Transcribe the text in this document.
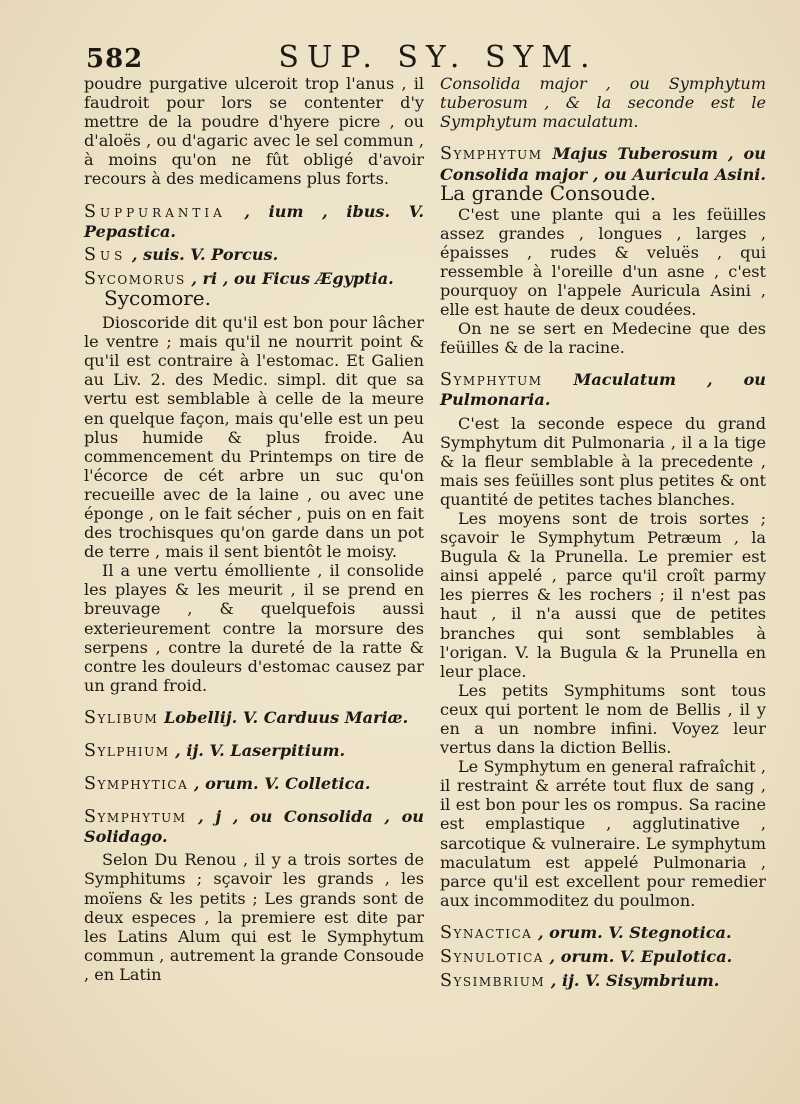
582	SUP. SY. SYM.

poudre purgative ulceroit trop l'anus , il faudroit pour lors se contenter d'y mettre de la poudre d'hyere picre , ou d'aloës , ou d'agaric avec le sel commun , à moins qu'on ne fût obligé d'avoir recours à des medicamens plus forts.

Suppurantia , ium , ibus. V. Pepastica.

Sus , suis. V. Porcus.

Sycomorus , ri , ou Ficus Ægyptia.
Sycomore.

Dioscoride dit qu'il est bon pour lâcher le ventre ; mais qu'il ne nourrit point & qu'il est contraire à l'estomac. Et Galien au Liv. 2. des Medic. simpl. dit que sa vertu est semblable à celle de la meure en quelque façon, mais qu'elle est un peu plus humide & plus froide. Au commencement du Printemps on tire de l'écorce de cét arbre un suc qu'on recueille avec de la laine , ou avec une éponge , on le fait sécher , puis on en fait des trochisques qu'on garde dans un pot de terre , mais il sent bientôt le moisy.

Il a une vertu émolliente , il consolide les playes & les meurit , il se prend en breuvage , & quelquefois aussi exterieurement contre la morsure des serpens , contre la dureté de la ratte & contre les douleurs d'estomac causez par un grand froid.

Sylibum Lobellij. V. Carduus Mariæ.

Sylphium , ij. V. Laserpitium.

Symphytica , orum. V. Colletica.

Symphytum , j , ou Consolida , ou Solidago.

Selon Du Renou , il y a trois sortes de Symphitums ; sçavoir les grands , les moïens & les petits ; Les grands sont de deux especes , la premiere est dite par les Latins Alum qui est le Symphytum commun , autrement la grande Consoude , en Latin

Consolida major , ou Symphytum tuberosum , & la seconde est le Symphytum maculatum.

Symphytum Majus Tuberosum , ou Consolida major , ou Auricula Asini. La grande Consoude.

C'est une plante qui a les feüilles assez grandes , longues , larges , épaisses , rudes & veluës , qui ressemble à l'oreille d'un asne , c'est pourquoy on l'appele Auricula Asini , elle est haute de deux coudées.

On ne se sert en Medecine que des feüilles & de la racine.

Symphytum Maculatum , ou Pulmonaria.

C'est la seconde espece du grand Symphytum dit Pulmonaria , il a la tige & la fleur semblable à la precedente , mais ses feüilles sont plus petites & ont quantité de petites taches blanches.

Les moyens sont de trois sortes ; sçavoir le Symphytum Petræum , la Bugula & la Prunella. Le premier est ainsi appelé , parce qu'il croît parmy les pierres & les rochers ; il n'est pas haut , il n'a aussi que de petites branches qui sont semblables à l'origan. V. la Bugula & la Prunella en leur place.

Les petits Symphitums sont tous ceux qui portent le nom de Bellis , il y en a un nombre infini. Voyez leur vertus dans la diction Bellis.

Le Symphytum en general rafraîchit , il restraint & arréte tout flux de sang , il est bon pour les os rompus. Sa racine est emplastique , agglutinative , sarcotique & vulneraire. Le symphytum maculatum est appelé Pulmonaria , parce qu'il est excellent pour remedier aux incommoditez du poulmon.

Synactica , orum. V. Stegnotica.

Synulotica , orum. V. Epulotica.

Sysimbrium , ij. V. Sisymbrium.
